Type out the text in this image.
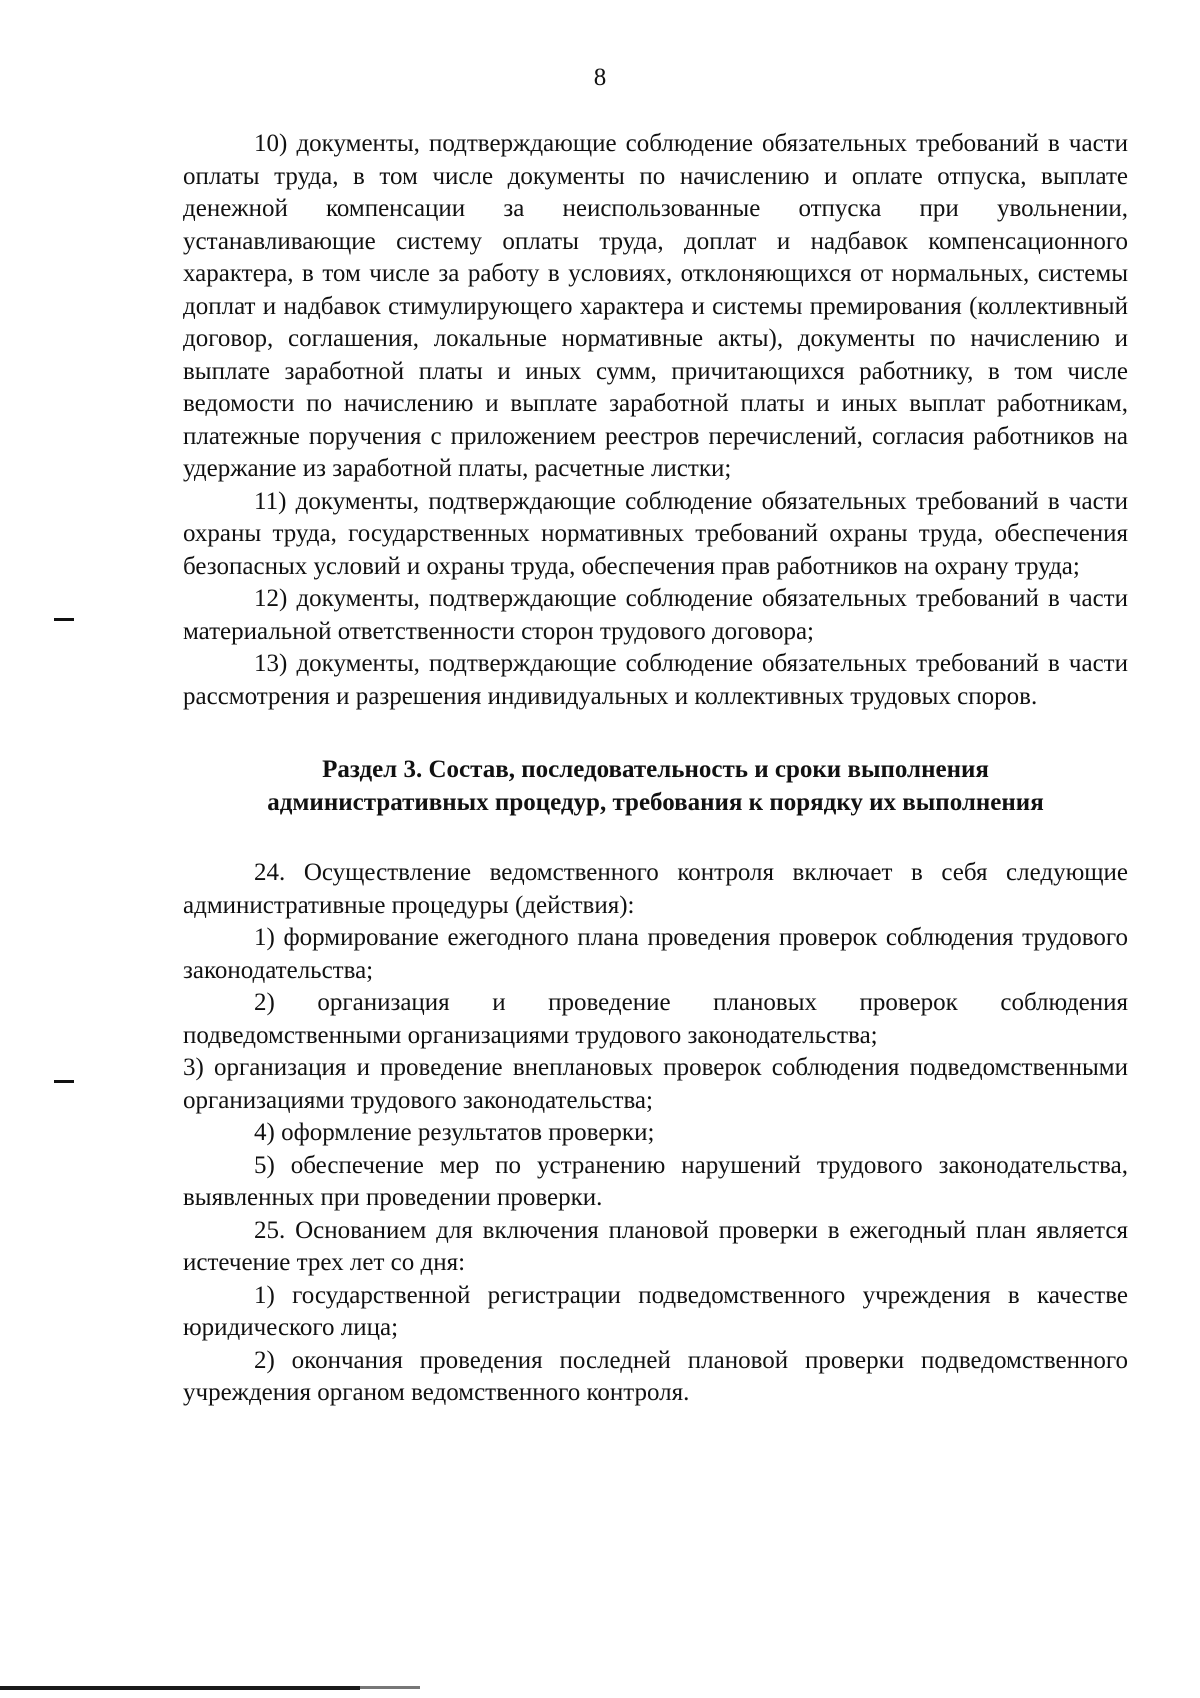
8

10) документы, подтверждающие соблюдение обязательных требований в части оплаты труда, в том числе документы по начислению и оплате отпуска, выплате денежной компенсации за неиспользованные отпуска при увольнении, устанавливающие систему оплаты труда, доплат и надбавок компенсационного характера, в том числе за работу в условиях, отклоняющихся от нормальных, системы доплат и надбавок стимулирующего характера и системы премирования (коллективный договор, соглашения, локальные нормативные акты), документы по начислению и выплате заработной платы и иных сумм, причитающихся работнику, в том числе ведомости по начислению и выплате заработной платы и иных выплат работникам, платежные поручения с приложением реестров перечислений, согласия работников на удержание из заработной платы, расчетные листки;

11) документы, подтверждающие соблюдение обязательных требований в части охраны труда, государственных нормативных требований охраны труда, обеспечения безопасных условий и охраны труда, обеспечения прав работников на охрану труда;

12) документы, подтверждающие соблюдение обязательных требований в части материальной ответственности сторон трудового договора;

13) документы, подтверждающие соблюдение обязательных требований в части рассмотрения и разрешения индивидуальных и коллективных трудовых споров.

Раздел 3. Состав, последовательность и сроки выполнения
административных процедур, требования к порядку их выполнения

24. Осуществление ведомственного контроля включает в себя следующие административные процедуры (действия):

1) формирование ежегодного плана проведения проверок соблюдения трудового законодательства;

2) организация и проведение плановых проверок соблюдения подведомственными организациями трудового законодательства;

3) организация и проведение внеплановых проверок соблюдения подведомственными организациями трудового законодательства;

4) оформление результатов проверки;

5) обеспечение мер по устранению нарушений трудового законодательства, выявленных при проведении проверки.

25. Основанием для включения плановой проверки в ежегодный план является истечение трех лет со дня:

1) государственной регистрации подведомственного учреждения в качестве юридического лица;

2) окончания проведения последней плановой проверки подведомственного учреждения органом ведомственного контроля.
